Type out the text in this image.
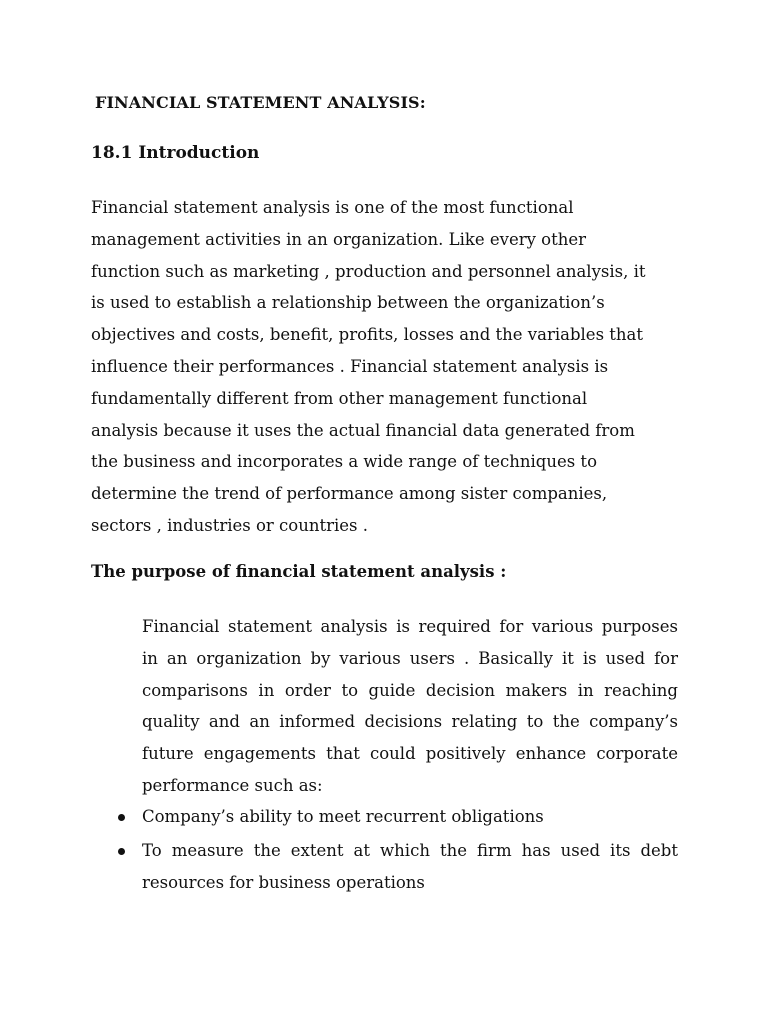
FINANCIAL STATEMENT ANALYSIS:
18.1 Introduction
Financial statement analysis is one of the most functional
management activities in an organization. Like every other
function such as marketing , production and personnel analysis, it
is used to establish a relationship between the organization’s
objectives and costs, benefit, profits, losses and the variables that
influence their performances . Financial statement analysis is
fundamentally different from other management functional
analysis because it uses the actual financial data generated from
the business and incorporates a wide range of techniques to
determine the trend of performance among sister companies,
sectors , industries or countries .
The purpose of financial statement analysis :
Financial statement analysis is required for various purposes
in an organization by various users . Basically it is used for
comparisons in order to guide decision makers in reaching
quality and an informed decisions relating to the company’s
future engagements that could positively enhance corporate
performance such as:
Company’s ability to meet recurrent obligations
To measure the extent at which the firm has used its debt
resources for business operations
